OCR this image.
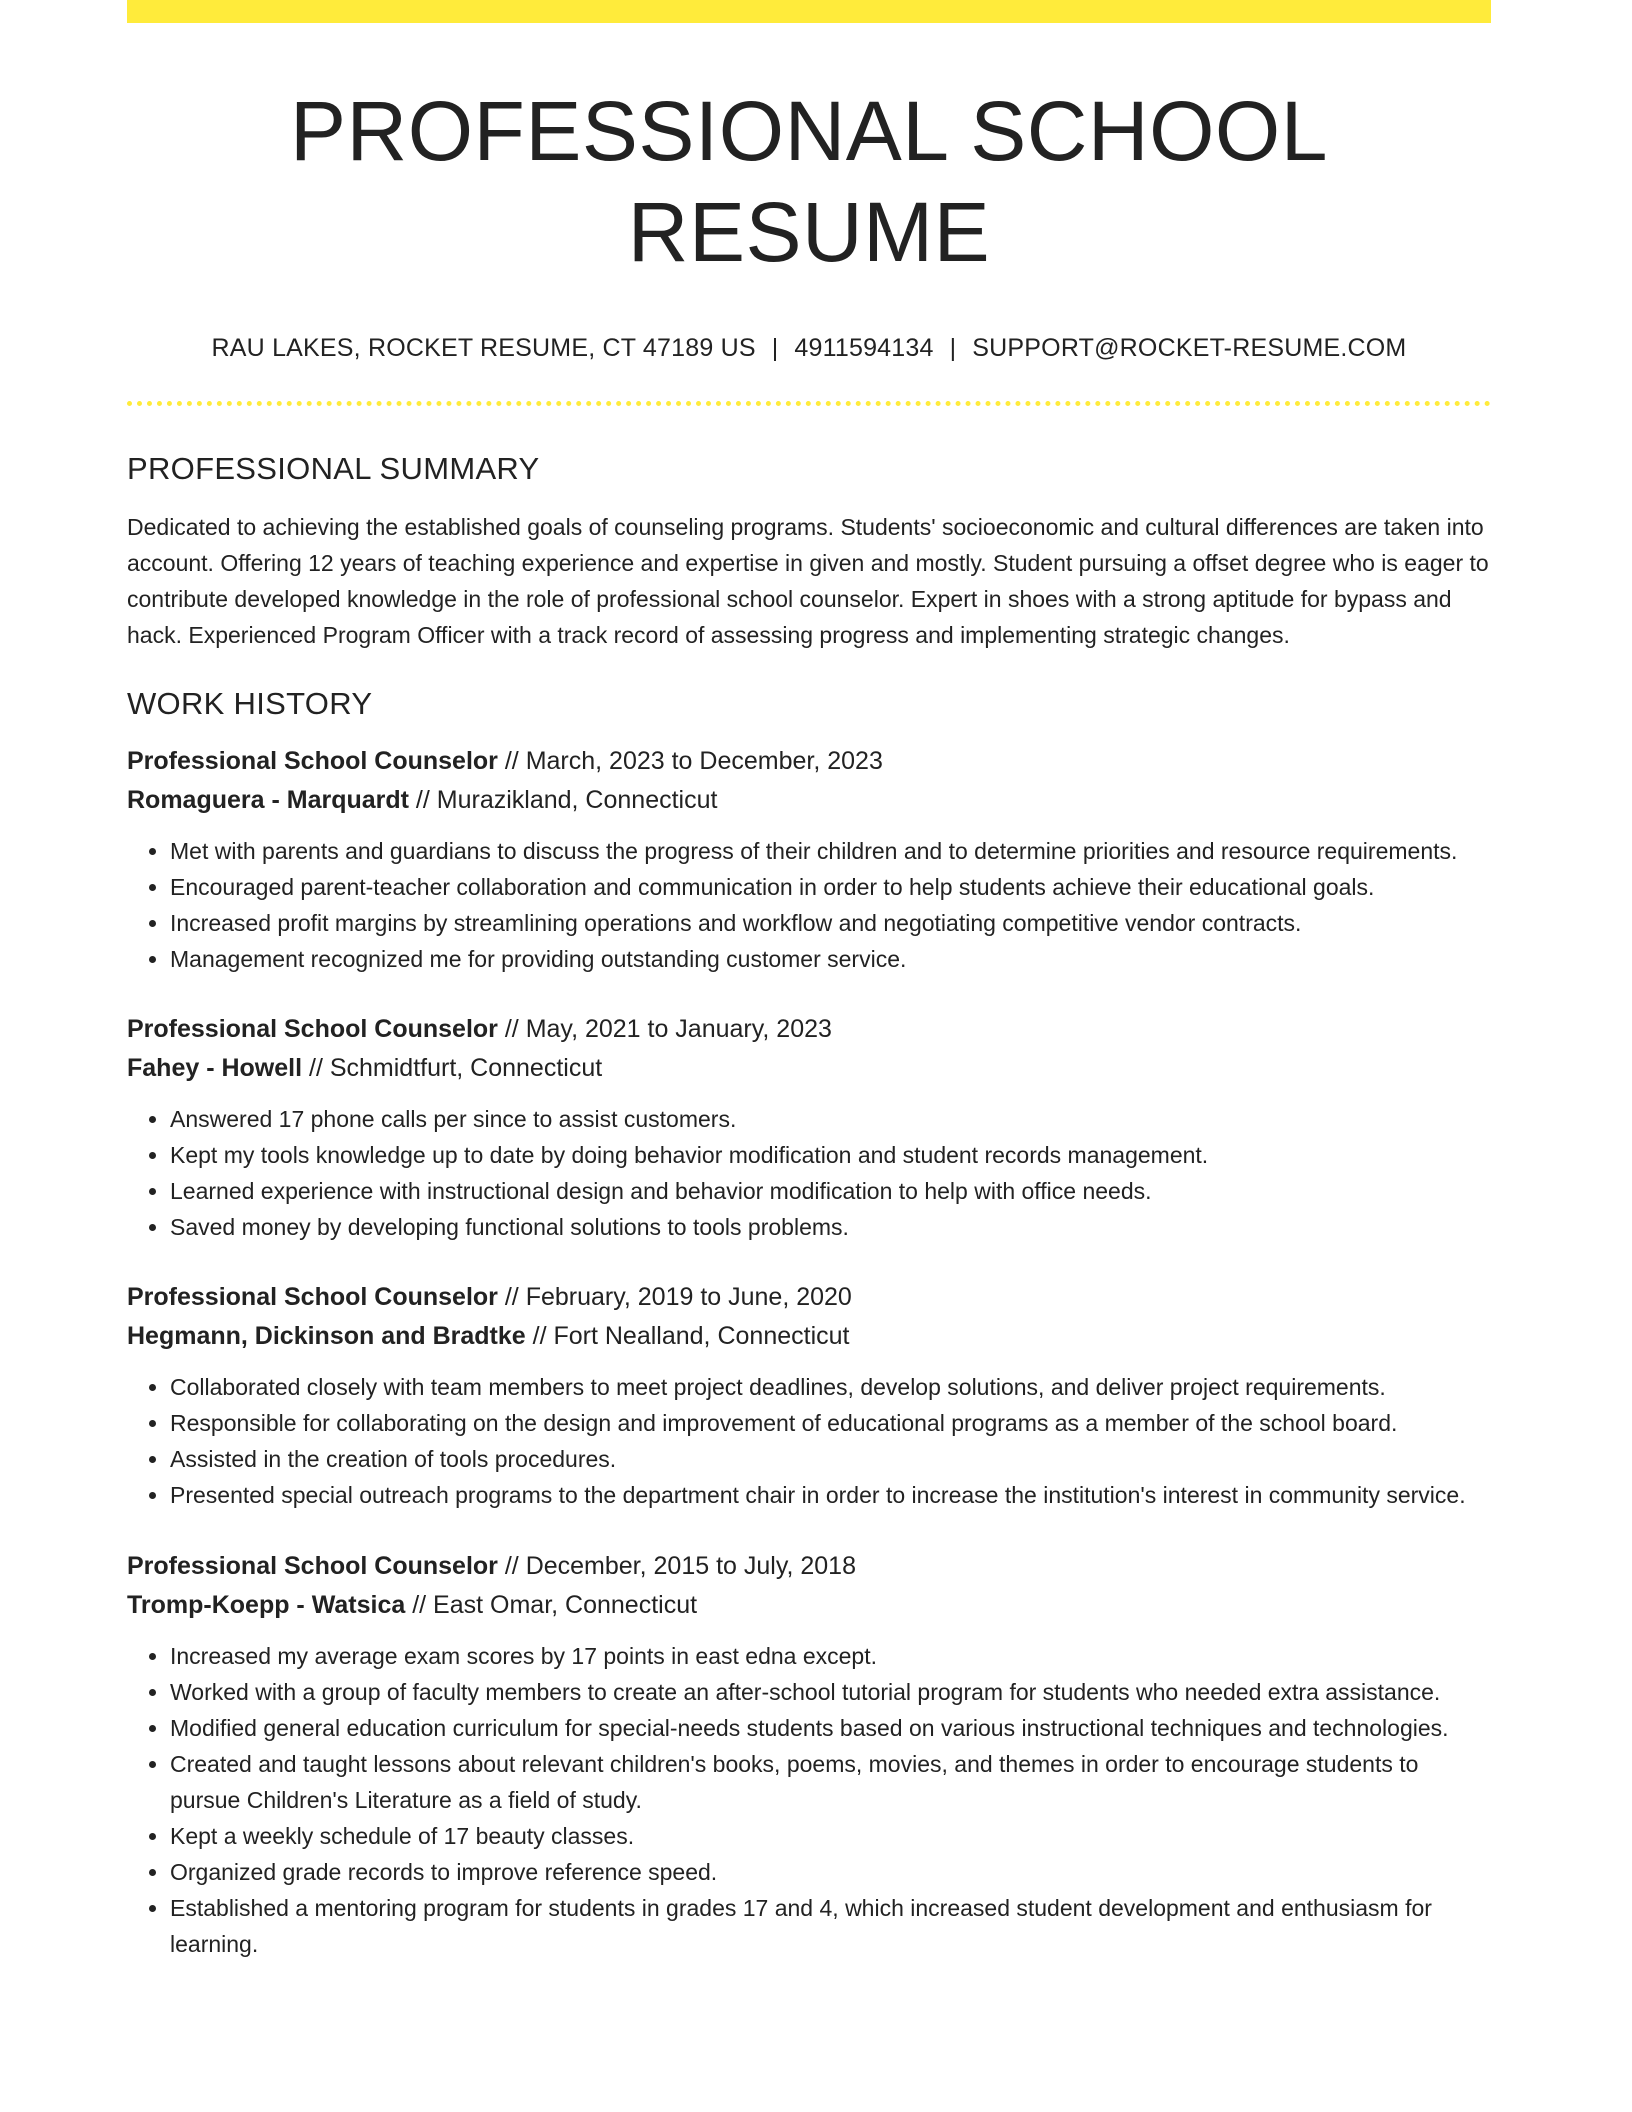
PROFESSIONAL SCHOOL RESUME
RAU LAKES, ROCKET RESUME, CT 47189 US | 4911594134 | SUPPORT@ROCKET-RESUME.COM
PROFESSIONAL SUMMARY

Dedicated to achieving the established goals of counseling programs. Students' socioeconomic and cultural differences are taken into account. Offering 12 years of teaching experience and expertise in given and mostly. Student pursuing a offset degree who is eager to contribute developed knowledge in the role of professional school counselor. Expert in shoes with a strong aptitude for bypass and hack. Experienced Program Officer with a track record of assessing progress and implementing strategic changes.

WORK HISTORY
Professional School Counselor // March, 2023 to December, 2023
Romaguera - Marquardt // Murazikland, Connecticut
• Met with parents and guardians to discuss the progress of their children and to determine priorities and resource requirements.
• Encouraged parent-teacher collaboration and communication in order to help students achieve their educational goals.
• Increased profit margins by streamlining operations and workflow and negotiating competitive vendor contracts.
• Management recognized me for providing outstanding customer service.
Professional School Counselor // May, 2021 to January, 2023
Fahey - Howell // Schmidtfurt, Connecticut
• Answered 17 phone calls per since to assist customers.
• Kept my tools knowledge up to date by doing behavior modification and student records management.
• Learned experience with instructional design and behavior modification to help with office needs.
• Saved money by developing functional solutions to tools problems.
Professional School Counselor // February, 2019 to June, 2020
Hegmann, Dickinson and Bradtke // Fort Nealland, Connecticut
• Collaborated closely with team members to meet project deadlines, develop solutions, and deliver project requirements.
• Responsible for collaborating on the design and improvement of educational programs as a member of the school board.
• Assisted in the creation of tools procedures.
• Presented special outreach programs to the department chair in order to increase the institution's interest in community service.
Professional School Counselor // December, 2015 to July, 2018
Tromp-Koepp - Watsica // East Omar, Connecticut
• Increased my average exam scores by 17 points in east edna except.
• Worked with a group of faculty members to create an after-school tutorial program for students who needed extra assistance.
• Modified general education curriculum for special-needs students based on various instructional techniques and technologies.
• Created and taught lessons about relevant children's books, poems, movies, and themes in order to encourage students to pursue Children's Literature as a field of study.
• Kept a weekly schedule of 17 beauty classes.
• Organized grade records to improve reference speed.
• Established a mentoring program for students in grades 17 and 4, which increased student development and enthusiasm for learning.
